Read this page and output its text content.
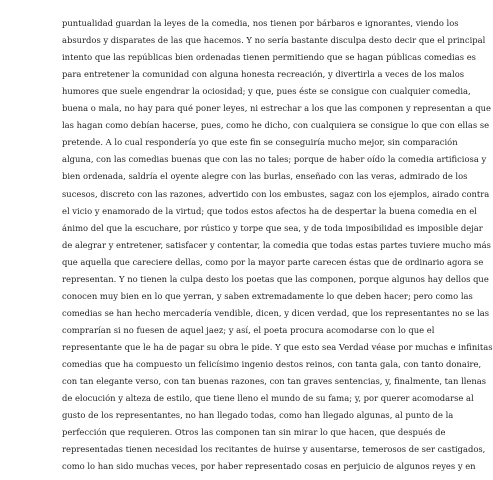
puntualidad guardan la leyes de la comedia, nos tienen por bárbaros e ignorantes, viendo los
absurdos y disparates de las que hacemos. Y no sería bastante disculpa desto decir que el principal
intento que las repúblicas bien ordenadas tienen permitiendo que se hagan públicas comedias es
para entretener la comunidad con alguna honesta recreación, y divertirla a veces de los malos
humores que suele engendrar la ociosidad; y que, pues éste se consigue con cualquier comedia,
buena o mala, no hay para qué poner leyes, ni estrechar a los que las componen y representan a que
las hagan como debían hacerse, pues, como he dicho, con cualquiera se consigue lo que con ellas se
pretende. A lo cual respondería yo que este fin se conseguiría mucho mejor, sin comparación
alguna, con las comedias buenas que con las no tales; porque de haber oído la comedia artificiosa y
bien ordenada, saldría el oyente alegre con las burlas, enseñado con las veras, admirado de los
sucesos, discreto con las razones, advertido con los embustes, sagaz con los ejemplos, airado contra
el vicio y enamorado de la virtud; que todos estos afectos ha de despertar la buena comedia en el
ánimo del que la escuchare, por rústico y torpe que sea, y de toda imposibilidad es imposible dejar
de alegrar y entretener, satisfacer y contentar, la comedia que todas estas partes tuviere mucho más
que aquella que careciere dellas, como por la mayor parte carecen éstas que de ordinario agora se
representan. Y no tienen la culpa desto los poetas que las componen, porque algunos hay dellos que
conocen muy bien en lo que yerran, y saben extremadamente lo que deben hacer; pero como las
comedias se han hecho mercadería vendible, dicen, y dicen verdad, que los representantes no se las
comprarían si no fuesen de aquel jaez; y así, el poeta procura acomodarse con lo que el
representante que le ha de pagar su obra le pide. Y que esto sea Verdad véase por muchas e infinitas
comedias que ha compuesto un felicísimo ingenio destos reinos, con tanta gala, con tanto donaire,
con tan elegante verso, con tan buenas razones, con tan graves sentencias, y, finalmente, tan llenas
de elocución y alteza de estilo, que tiene lleno el mundo de su fama; y, por querer acomodarse al
gusto de los representantes, no han llegado todas, como han llegado algunas, al punto de la
perfección que requieren. Otros las componen tan sin mirar lo que hacen, que después de
representadas tienen necesidad los recitantes de huirse y ausentarse, temerosos de ser castigados,
como lo han sido muchas veces, por haber representado cosas en perjuicio de algunos reyes y en
